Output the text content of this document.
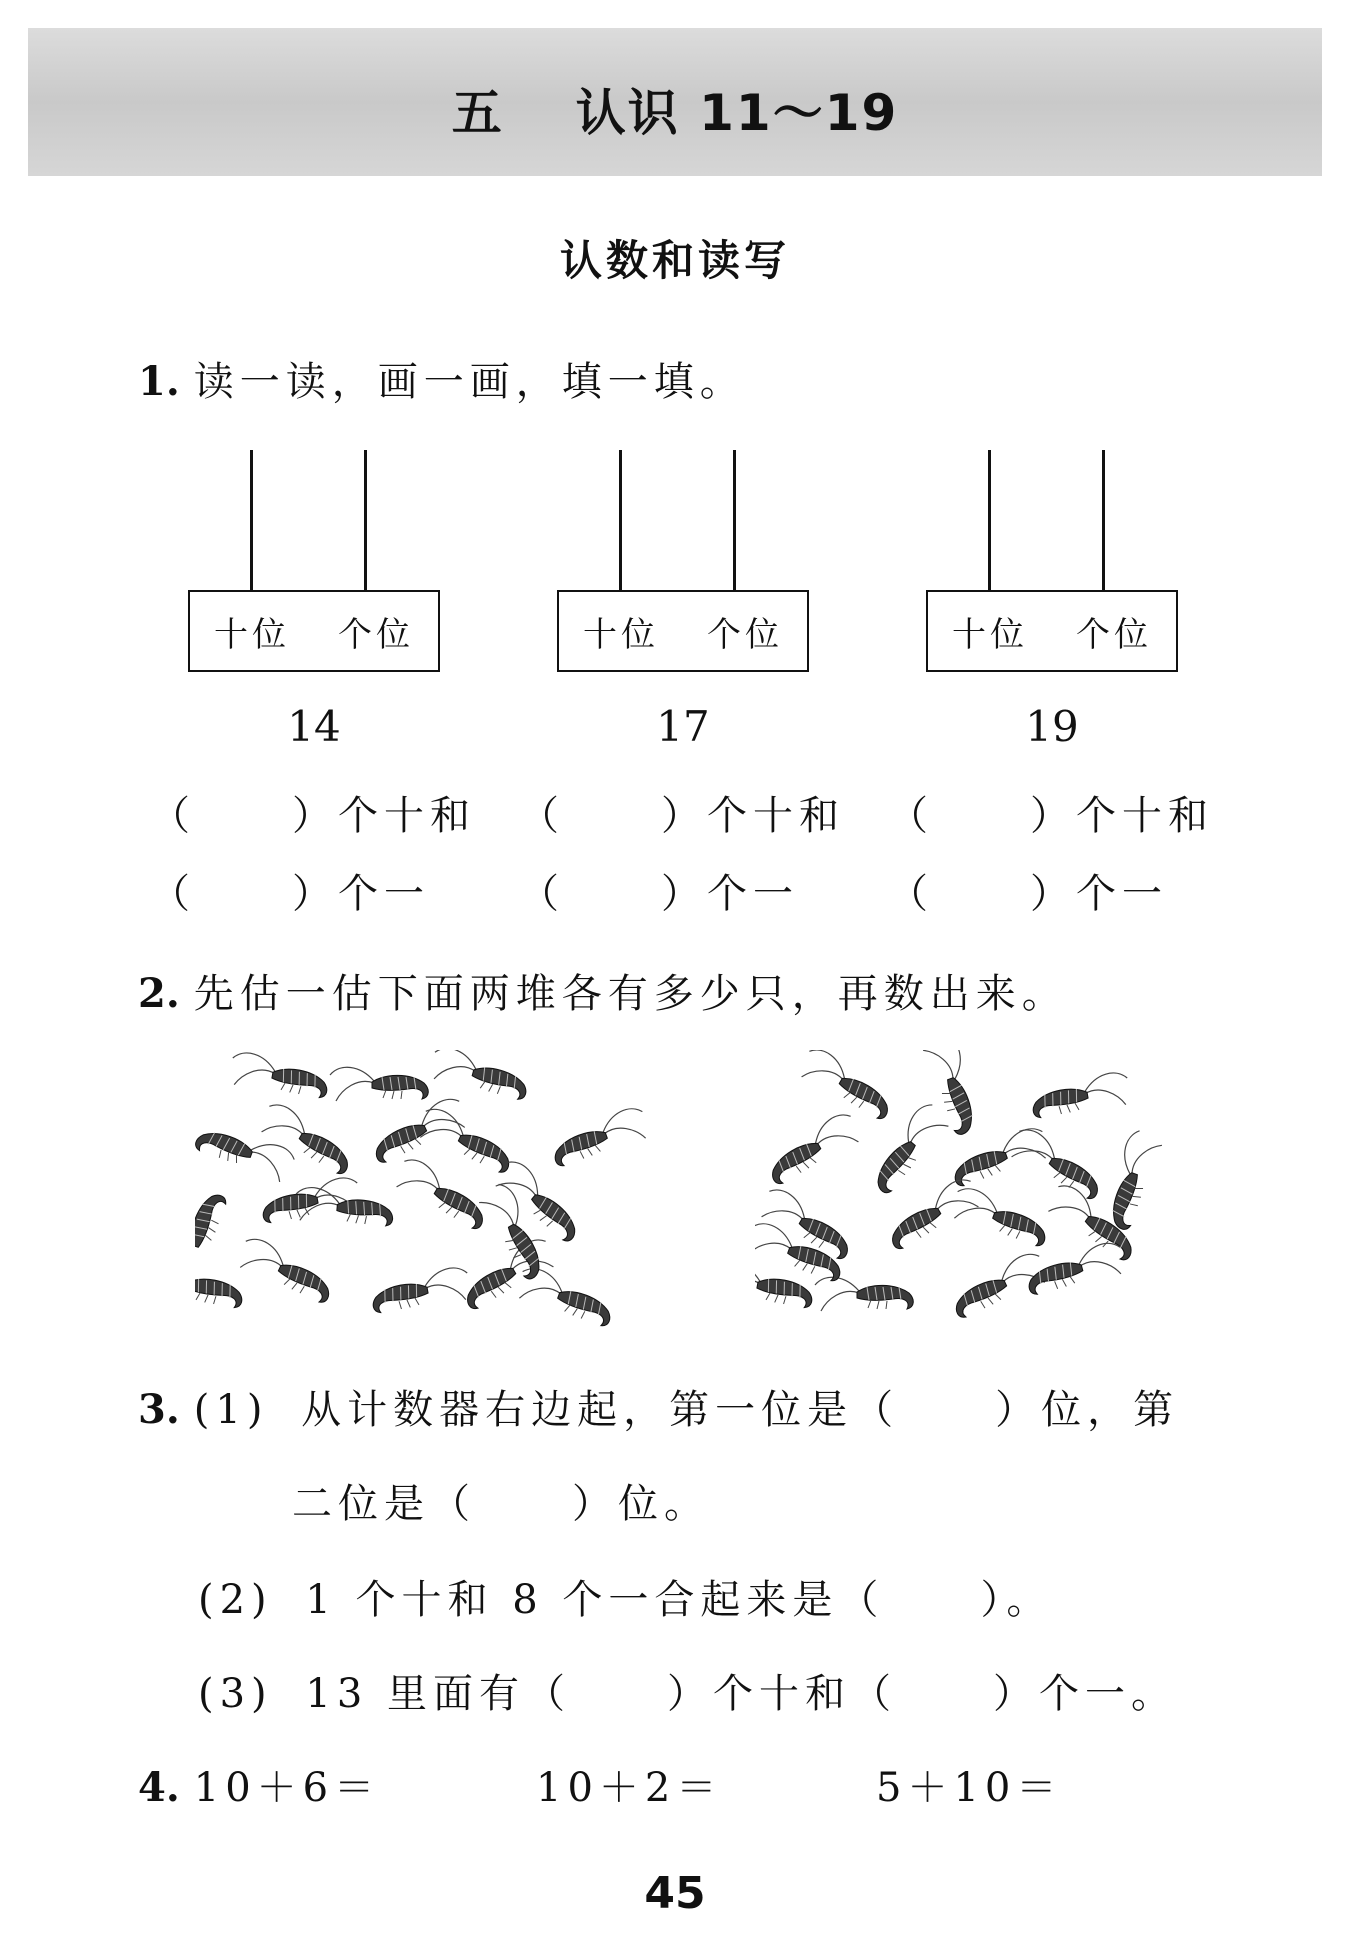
五 认识 11～19
认数和读写
1. 读一读，画一画，填一填。
十位 个位	十位 个位	十位 个位
14	17	19
（ ）个十和 （ ）个十和 （ ）个十和
（ ）个一 （ ）个一 （ ）个一
2. 先估一估下面两堆各有多少只，再数出来。
3. (1) 从计数器右边起，第一位是（ ）位，第
二位是（ ）位。
(2) 1 个十和 8 个一合起来是（ ）。
(3) 13 里面有（ ）个十和（ ）个一。
4. 10＋6＝	10＋2＝	5＋10＝
45
